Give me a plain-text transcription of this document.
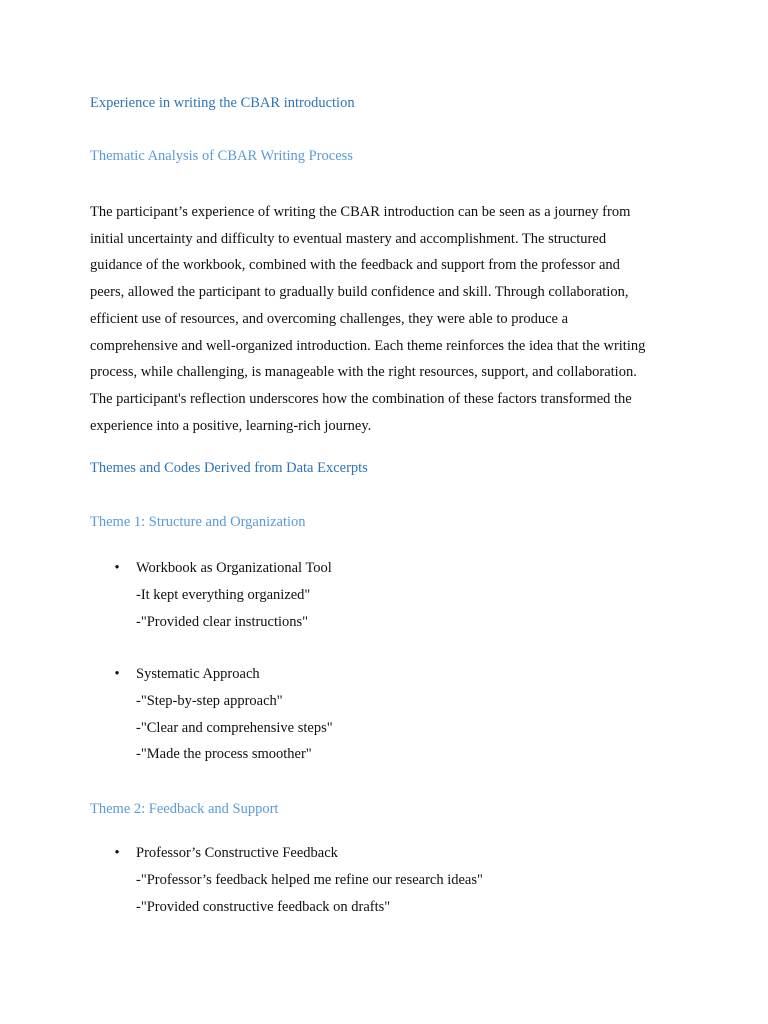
Experience in writing the CBAR introduction
Thematic Analysis of CBAR Writing Process
The participant’s experience of writing the CBAR introduction can be seen as a journey from
initial uncertainty and difficulty to eventual mastery and accomplishment. The structured
guidance of the workbook, combined with the feedback and support from the professor and
peers, allowed the participant to gradually build confidence and skill. Through collaboration,
efficient use of resources, and overcoming challenges, they were able to produce a
comprehensive and well-organized introduction. Each theme reinforces the idea that the writing
process, while challenging, is manageable with the right resources, support, and collaboration.
The participant's reflection underscores how the combination of these factors transformed the
experience into a positive, learning-rich journey.
Themes and Codes Derived from Data Excerpts
Theme 1: Structure and Organization
• Workbook as Organizational Tool
-It kept everything organized"
-"Provided clear instructions"
• Systematic Approach
-"Step-by-step approach"
-"Clear and comprehensive steps"
-"Made the process smoother"
Theme 2: Feedback and Support
• Professor’s Constructive Feedback
-"Professor’s feedback helped me refine our research ideas"
-"Provided constructive feedback on drafts"
